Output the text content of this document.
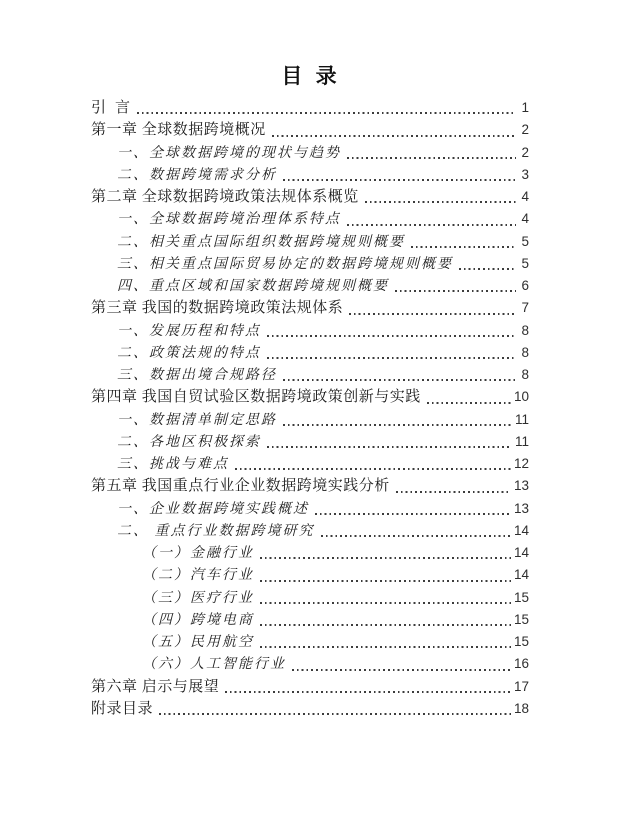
目 录
引  言	1
第一章 全球数据跨境概况	2
一、全球数据跨境的现状与趋势	2
二、数据跨境需求分析	3
第二章 全球数据跨境政策法规体系概览	4
一、全球数据跨境治理体系特点	4
二、相关重点国际组织数据跨境规则概要	5
三、相关重点国际贸易协定的数据跨境规则概要	5
四、重点区域和国家数据跨境规则概要	6
第三章 我国的数据跨境政策法规体系	7
一、发展历程和特点	8
二、政策法规的特点	8
三、数据出境合规路径	8
第四章 我国自贸试验区数据跨境政策创新与实践	10
一、数据清单制定思路	11
二、各地区积极探索	11
三、挑战与难点	12
第五章 我国重点行业企业数据跨境实践分析	13
一、企业数据跨境实践概述	13
二、 重点行业数据跨境研究	14
（一）金融行业	14
（二）汽车行业	14
（三）医疗行业	15
（四）跨境电商	15
（五）民用航空	15
（六）人工智能行业	16
第六章 启示与展望	17
附录目录	18
